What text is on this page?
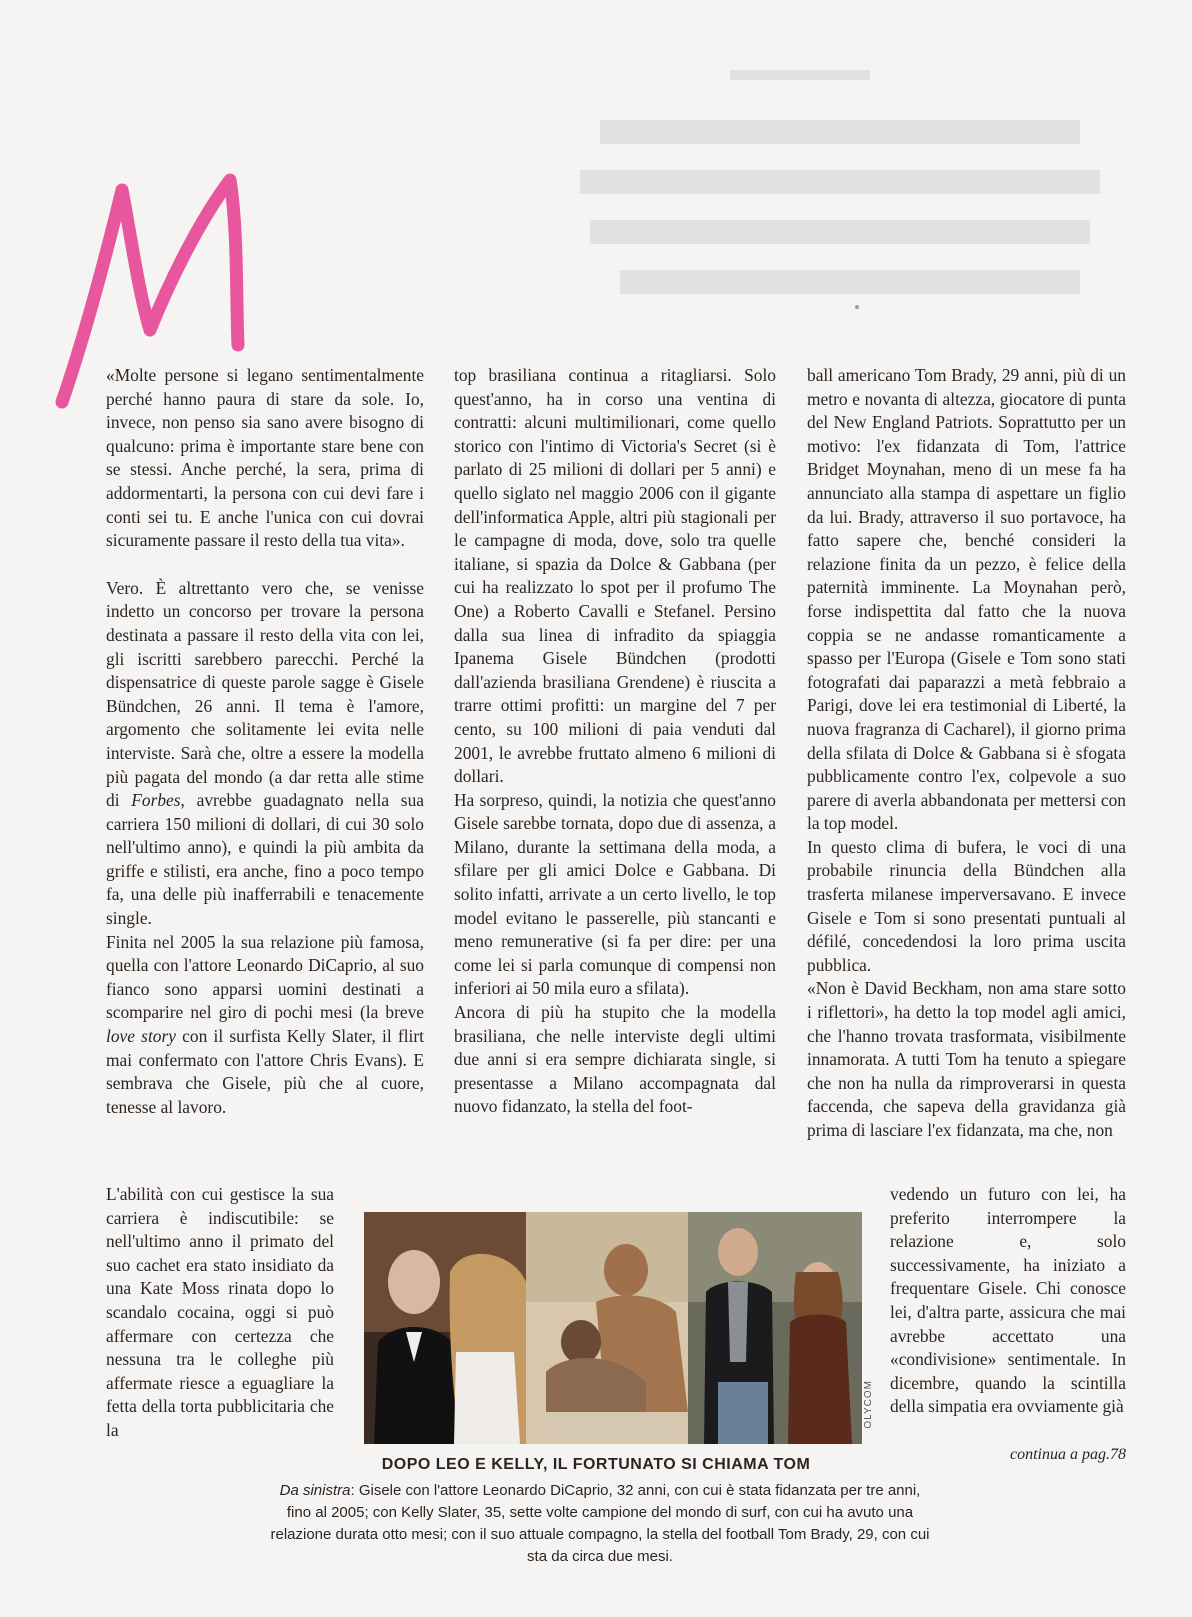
«Molte persone si legano sentimentalmente perché hanno paura di stare da sole. Io, invece, non penso sia sano avere bisogno di qualcuno: prima è importante stare bene con se stessi. Anche perché, la sera, prima di addormentarti, la persona con cui devi fare i conti sei tu. E anche l'unica con cui dovrai sicuramente passare il resto della tua vita».

Vero. È altrettanto vero che, se venisse indetto un concorso per trovare la persona destinata a passare il resto della vita con lei, gli iscritti sarebbero parecchi. Perché la dispensatrice di queste parole sagge è Gisele Bündchen, 26 anni. Il tema è l'amore, argomento che solitamente lei evita nelle interviste. Sarà che, oltre a essere la modella più pagata del mondo (a dar retta alle stime di Forbes, avrebbe guadagnato nella sua carriera 150 milioni di dollari, di cui 30 solo nell'ultimo anno), e quindi la più ambita da griffe e stilisti, era anche, fino a poco tempo fa, una delle più inafferrabili e tenacemente single.

Finita nel 2005 la sua relazione più famosa, quella con l'attore Leonardo DiCaprio, al suo fianco sono apparsi uomini destinati a scomparire nel giro di pochi mesi (la breve love story con il surfista Kelly Slater, il flirt mai confermato con l'attore Chris Evans). E sembrava che Gisele, più che al cuore, tenesse al lavoro.

L'abilità con cui gestisce la sua carriera è indiscutibile: se nell'ultimo anno il primato del suo cachet era stato insidiato da una Kate Moss rinata dopo lo scandalo cocaina, oggi si può affermare con certezza che nessuna tra le colleghe più affermate riesce a eguagliare la fetta della torta pubblicitaria che la

top brasiliana continua a ritagliarsi. Solo quest'anno, ha in corso una ventina di contratti: alcuni multimilionari, come quello storico con l'intimo di Victoria's Secret (si è parlato di 25 milioni di dollari per 5 anni) e quello siglato nel maggio 2006 con il gigante dell'informatica Apple, altri più stagionali per le campagne di moda, dove, solo tra quelle italiane, si spazia da Dolce & Gabbana (per cui ha realizzato lo spot per il profumo The One) a Roberto Cavalli e Stefanel. Persino dalla sua linea di infradito da spiaggia Ipanema Gisele Bündchen (prodotti dall'azienda brasiliana Grendene) è riuscita a trarre ottimi profitti: un margine del 7 per cento, su 100 milioni di paia venduti dal 2001, le avrebbe fruttato almeno 6 milioni di dollari.

Ha sorpreso, quindi, la notizia che quest'anno Gisele sarebbe tornata, dopo due di assenza, a Milano, durante la settimana della moda, a sfilare per gli amici Dolce e Gabbana. Di solito infatti, arrivate a un certo livello, le top model evitano le passerelle, più stancanti e meno remunerative (si fa per dire: per una come lei si parla comunque di compensi non inferiori ai 50 mila euro a sfilata).

Ancora di più ha stupito che la modella brasiliana, che nelle interviste degli ultimi due anni si era sempre dichiarata single, si presentasse a Milano accompagnata dal nuovo fidanzato, la stella del foot-

ball americano Tom Brady, 29 anni, più di un metro e novanta di altezza, giocatore di punta del New England Patriots. Soprattutto per un motivo: l'ex fidanzata di Tom, l'attrice Bridget Moynahan, meno di un mese fa ha annunciato alla stampa di aspettare un figlio da lui. Brady, attraverso il suo portavoce, ha fatto sapere che, benché consideri la relazione finita da un pezzo, è felice della paternità imminente. La Moynahan però, forse indispettita dal fatto che la nuova coppia se ne andasse romanticamente a spasso per l'Europa (Gisele e Tom sono stati fotografati dai paparazzi a metà febbraio a Parigi, dove lei era testimonial di Liberté, la nuova fragranza di Cacharel), il giorno prima della sfilata di Dolce & Gabbana si è sfogata pubblicamente contro l'ex, colpevole a suo parere di averla abbandonata per mettersi con la top model.

In questo clima di bufera, le voci di una probabile rinuncia della Bündchen alla trasferta milanese imperversavano. E invece Gisele e Tom si sono presentati puntuali al défilé, concedendosi la loro prima uscita pubblica.

«Non è David Beckham, non ama stare sotto i riflettori», ha detto la top model agli amici, che l'hanno trovata trasformata, visibilmente innamorata. A tutti Tom ha tenuto a spiegare che non ha nulla da rimproverarsi in questa faccenda, che sapeva della gravidanza già prima di lasciare l'ex fidanzata, ma che, non

vedendo un futuro con lei, ha preferito interrompere la relazione e, solo successivamente, ha iniziato a frequentare Gisele. Chi conosce lei, d'altra parte, assicura che mai avrebbe accettato una «condivisione» sentimentale. In dicembre, quando la scintilla della simpatia era ovviamente già

continua a pag.78
OLYCOM
DOPO LEO E KELLY, IL FORTUNATO SI CHIAMA TOM
Da sinistra: Gisele con l'attore Leonardo DiCaprio, 32 anni, con cui è stata fidanzata per tre anni, fino al 2005; con Kelly Slater, 35, sette volte campione del mondo di surf, con cui ha avuto una relazione durata otto mesi; con il suo attuale compagno, la stella del football Tom Brady, 29, con cui sta da circa due mesi.
